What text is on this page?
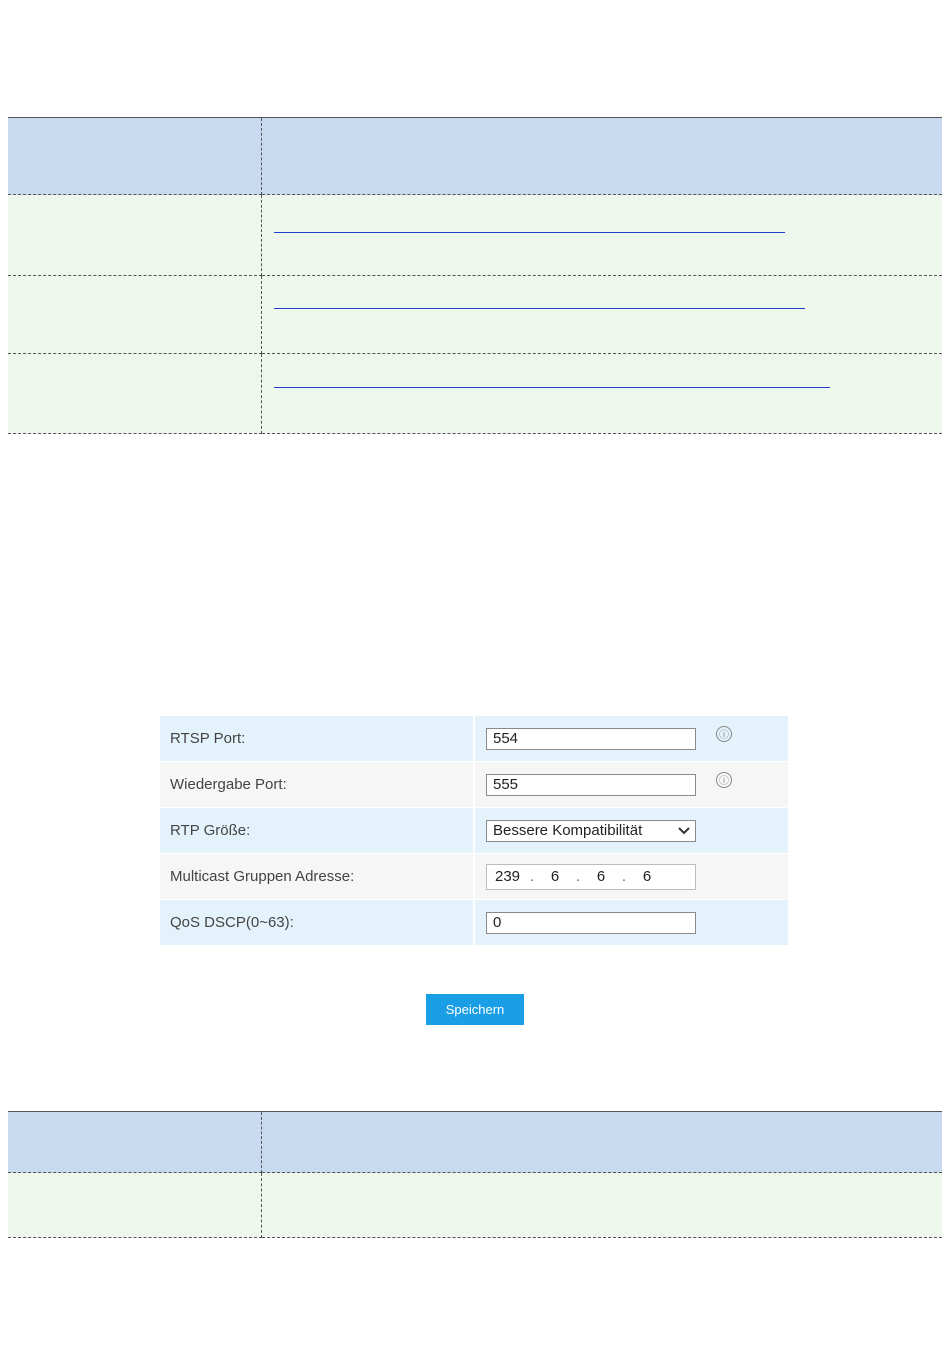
RTSP Port:
554	ⓘ
Wiedergabe Port:
555	ⓘ
RTP Größe:	Bessere Kompatibilität
Multicast Gruppen Adresse:	239 .	6	.	6	.	6
QoS DSCP(0~63):
0
Speichern
